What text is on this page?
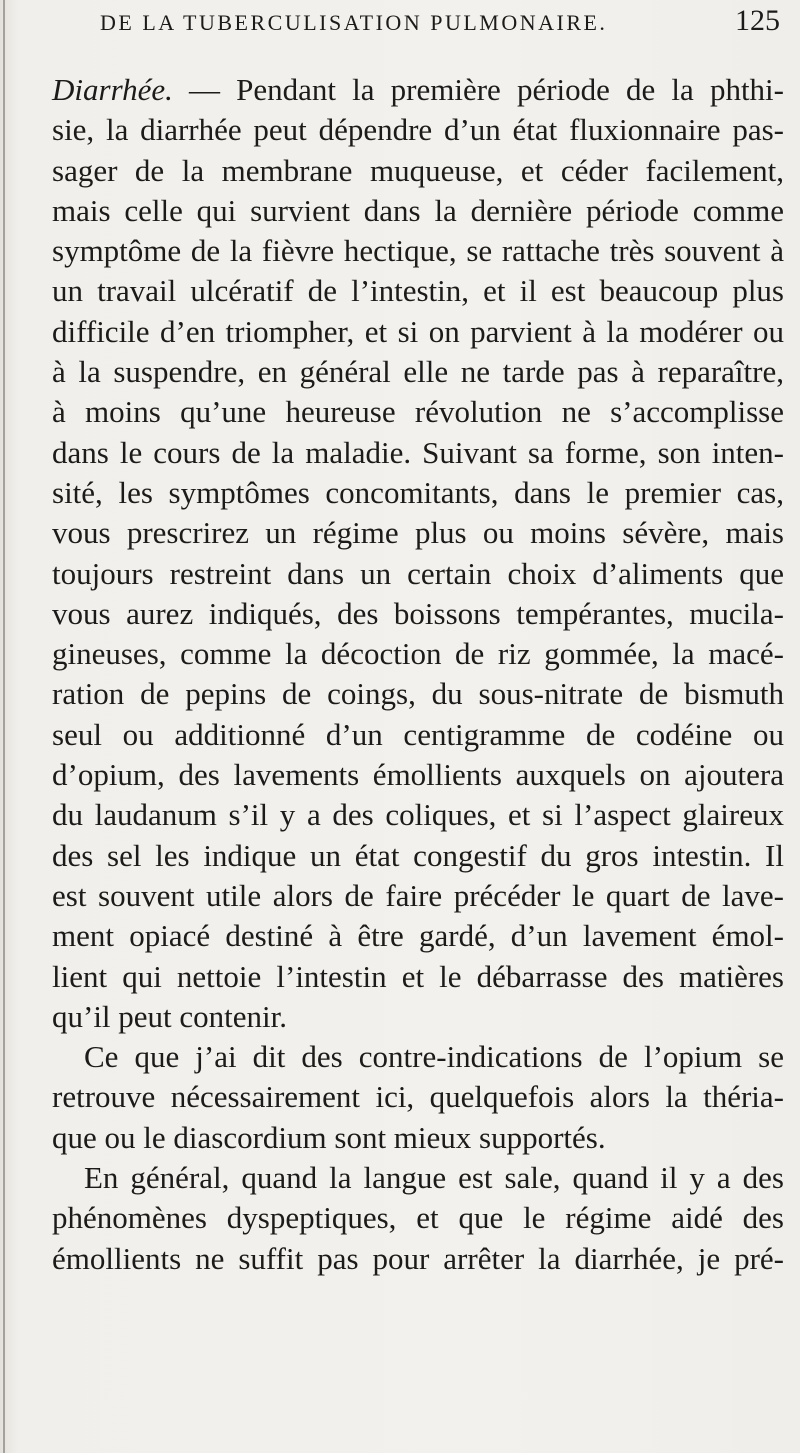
DE LA TUBERCULISATION PULMONAIRE.	125
Diarrhée. — Pendant la première période de la phthi-
sie, la diarrhée peut dépendre d’un état fluxionnaire pas-
sager de la membrane muqueuse, et céder facilement,
mais celle qui survient dans la dernière période comme
symptôme de la fièvre hectique, se rattache très souvent à
un travail ulcératif de l’intestin, et il est beaucoup plus
difficile d’en triompher, et si on parvient à la modérer ou
à la suspendre, en général elle ne tarde pas à reparaître,
à moins qu’une heureuse révolution ne s’accomplisse
dans le cours de la maladie. Suivant sa forme, son inten-
sité, les symptômes concomitants, dans le premier cas,
vous prescrirez un régime plus ou moins sévère, mais
toujours restreint dans un certain choix d’aliments que
vous aurez indiqués, des boissons tempérantes, mucila-
gineuses, comme la décoction de riz gommée, la macé-
ration de pepins de coings, du sous-nitrate de bismuth
seul ou additionné d’un centigramme de codéine ou
d’opium, des lavements émollients auxquels on ajoutera
du laudanum s’il y a des coliques, et si l’aspect glaireux
des sel les indique un état congestif du gros intestin. Il
est souvent utile alors de faire précéder le quart de lave-
ment opiacé destiné à être gardé, d’un lavement émol-
lient qui nettoie l’intestin et le débarrasse des matières
qu’il peut contenir.
Ce que j’ai dit des contre-indications de l’opium se
retrouve nécessairement ici, quelquefois alors la théria-
que ou le diascordium sont mieux supportés.
En général, quand la langue est sale, quand il y a des
phénomènes dyspeptiques, et que le régime aidé des
émollients ne suffit pas pour arrêter la diarrhée, je pré-
